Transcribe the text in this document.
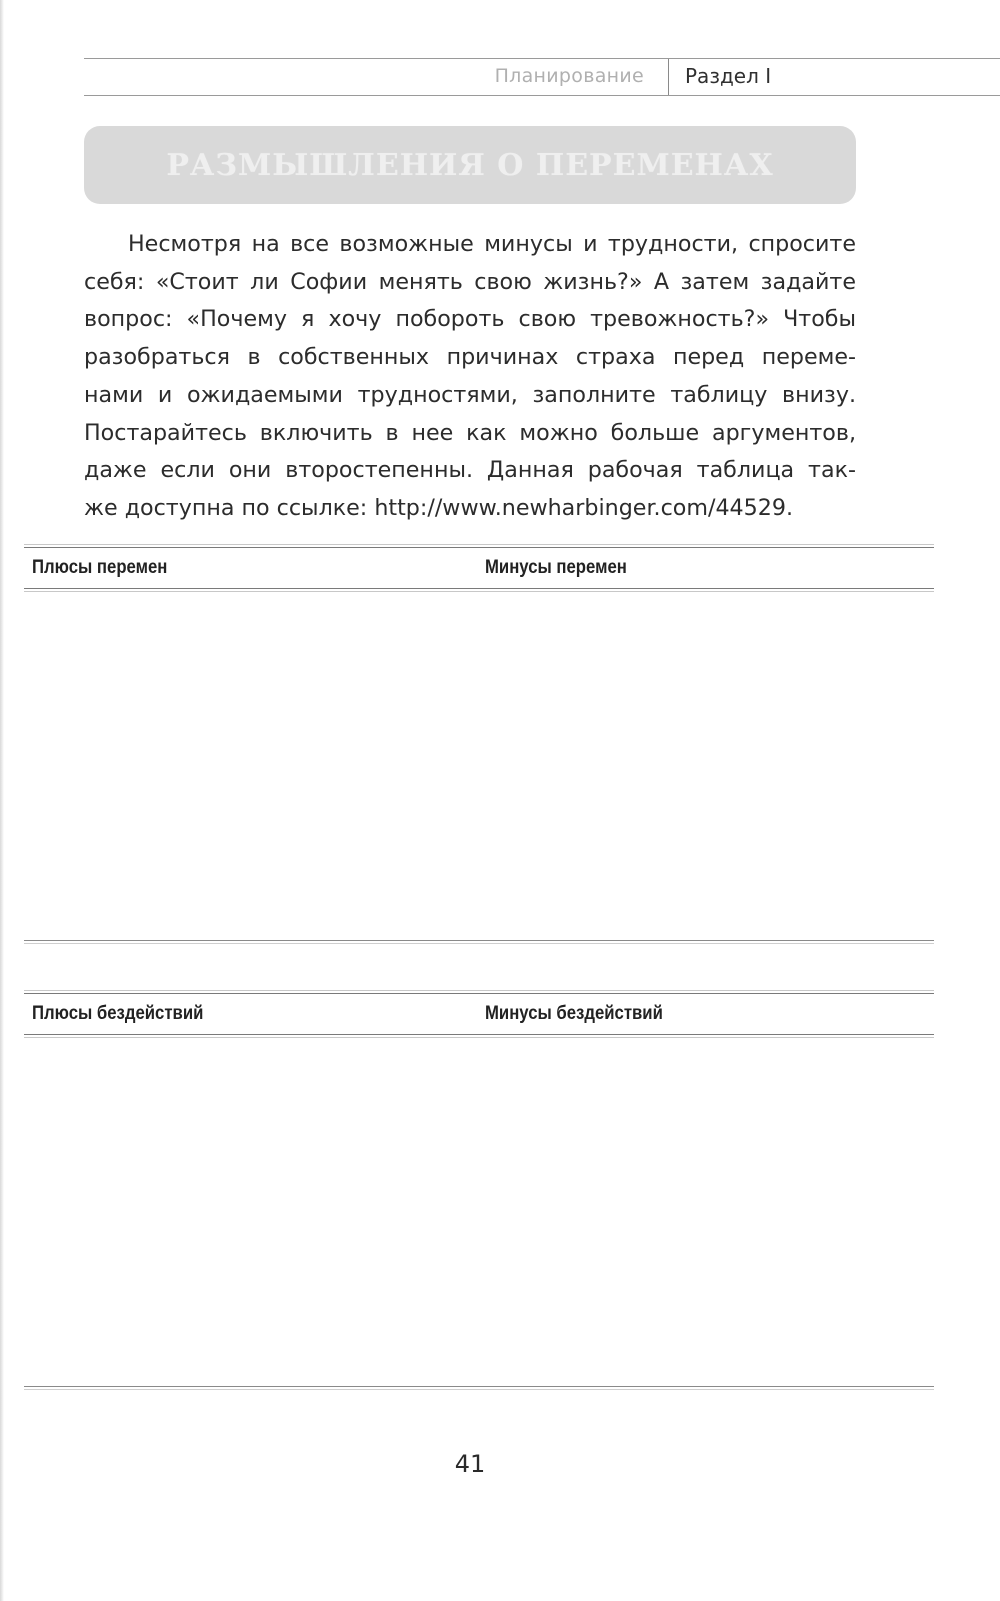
Планирование Раздел I
РАЗМЫШЛЕНИЯ О ПЕРЕМЕНАХ
Несмотря на все возможные минусы и трудности, спросите
себя: «Стоит ли Софии менять свою жизнь?» А затем задайте
вопрос: «Почему я хочу побороть свою тревожность?» Чтобы
разобраться в собственных причинах страха перед переме-
нами и ожидаемыми трудностями, заполните таблицу внизу.
Постарайтесь включить в нее как можно больше аргументов,
даже если они второстепенны. Данная рабочая таблица так-
же доступна по ссылке: http://www.newharbinger.com/44529.
Плюсы перемен	Минусы перемен
Плюсы бездействий	Минусы бездействий
41
